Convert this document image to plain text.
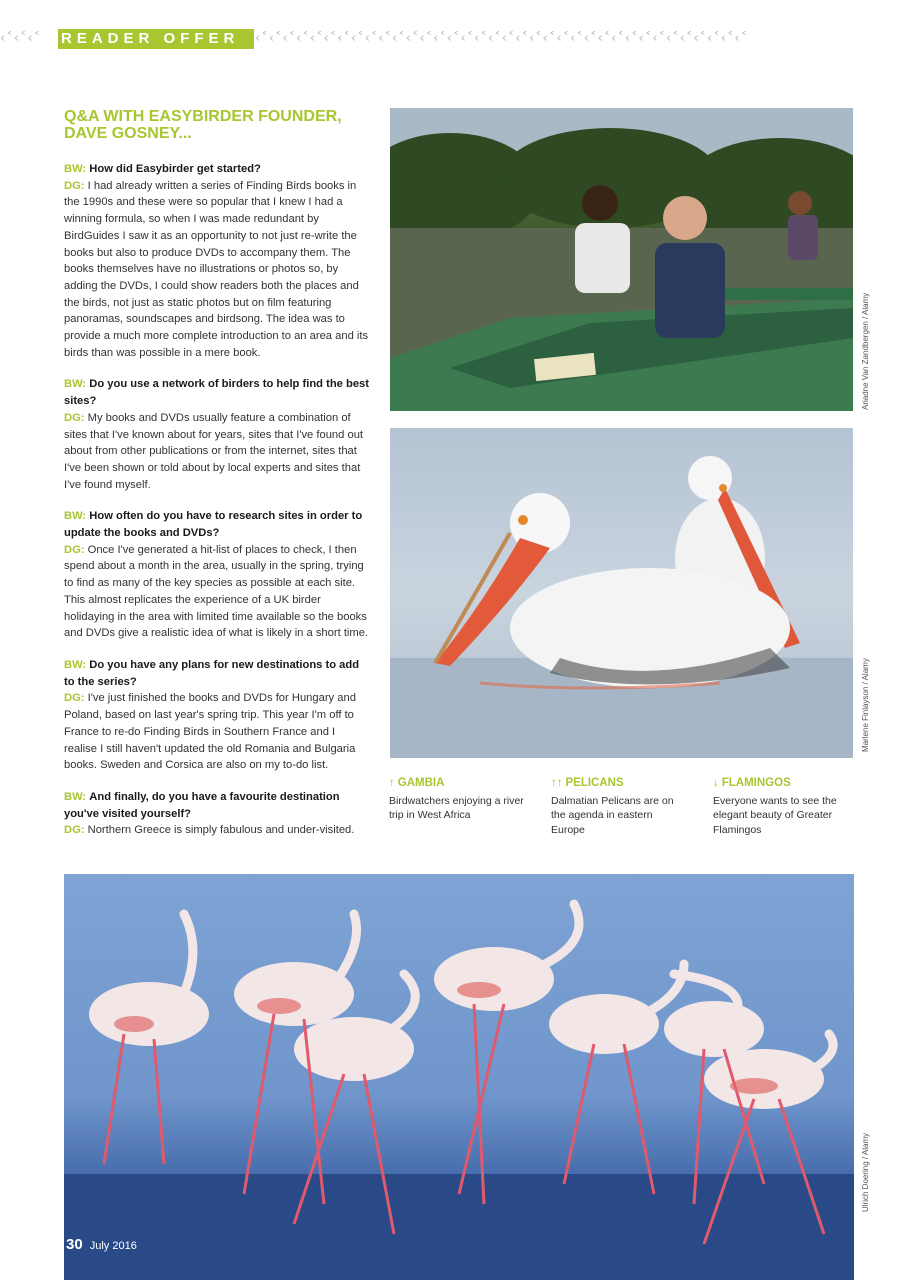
‹˂‹˂‹˂	READER OFFER	‹˂‹˂‹˂‹˂‹˂‹˂‹˂‹˂‹˂‹˂‹˂‹˂‹˂‹˂‹˂‹˂‹˂‹˂‹˂‹˂‹˂‹˂‹˂‹˂‹˂‹˂‹˂‹˂‹˂‹˂‹˂‹˂‹˂‹˂‹˂‹˂
Q&A WITH EASYBIRDER FOUNDER, DAVE GOSNEY...

BW: How did Easybirder get started?
DG: I had already written a series of Finding Birds books in the 1990s and these were so popular that I knew I had a winning formula, so when I was made redundant by BirdGuides I saw it as an opportunity to not just re-write the books but also to produce DVDs to accompany them. The books themselves have no illustrations or photos so, by adding the DVDs, I could show readers both the places and the birds, not just as static photos but on film featuring panoramas, soundscapes and birdsong. The idea was to provide a much more complete introduction to an area and its birds than was possible in a mere book.

BW: Do you use a network of birders to help find the best sites?
DG: My books and DVDs usually feature a combination of sites that I've known about for years, sites that I've found out about from other publications or from the internet, sites that I've been shown or told about by local experts and sites that I've found myself.

BW: How often do you have to research sites in order to update the books and DVDs?
DG: Once I've generated a hit-list of places to check, I then spend about a month in the area, usually in the spring, trying to find as many of the key species as possible at each site. This almost replicates the experience of a UK birder holidaying in the area with limited time available so the books and DVDs give a realistic idea of what is likely in a short time.

BW: Do you have any plans for new destinations to add to the series?
DG: I've just finished the books and DVDs for Hungary and Poland, based on last year's spring trip. This year I'm off to France to re-do Finding Birds in Southern France and I realise I still haven't updated the old Romania and Bulgaria books. Sweden and Corsica are also on my to-do list.

BW: And finally, do you have a favourite destination you've visited yourself?
DG: Northern Greece is simply fabulous and under-visited.

Ariadne Van Zandbergen / Alamy
Marlene Finlayson / Alamy
↑ GAMBIA
Birdwatchers enjoying a river trip in West Africa
↑↑ PELICANS
Dalmatian Pelicans are on the agenda in eastern Europe
↓ FLAMINGOS
Everyone wants to see the elegant beauty of Greater Flamingos
Ulrich Doering / Alamy
30 July 2016
